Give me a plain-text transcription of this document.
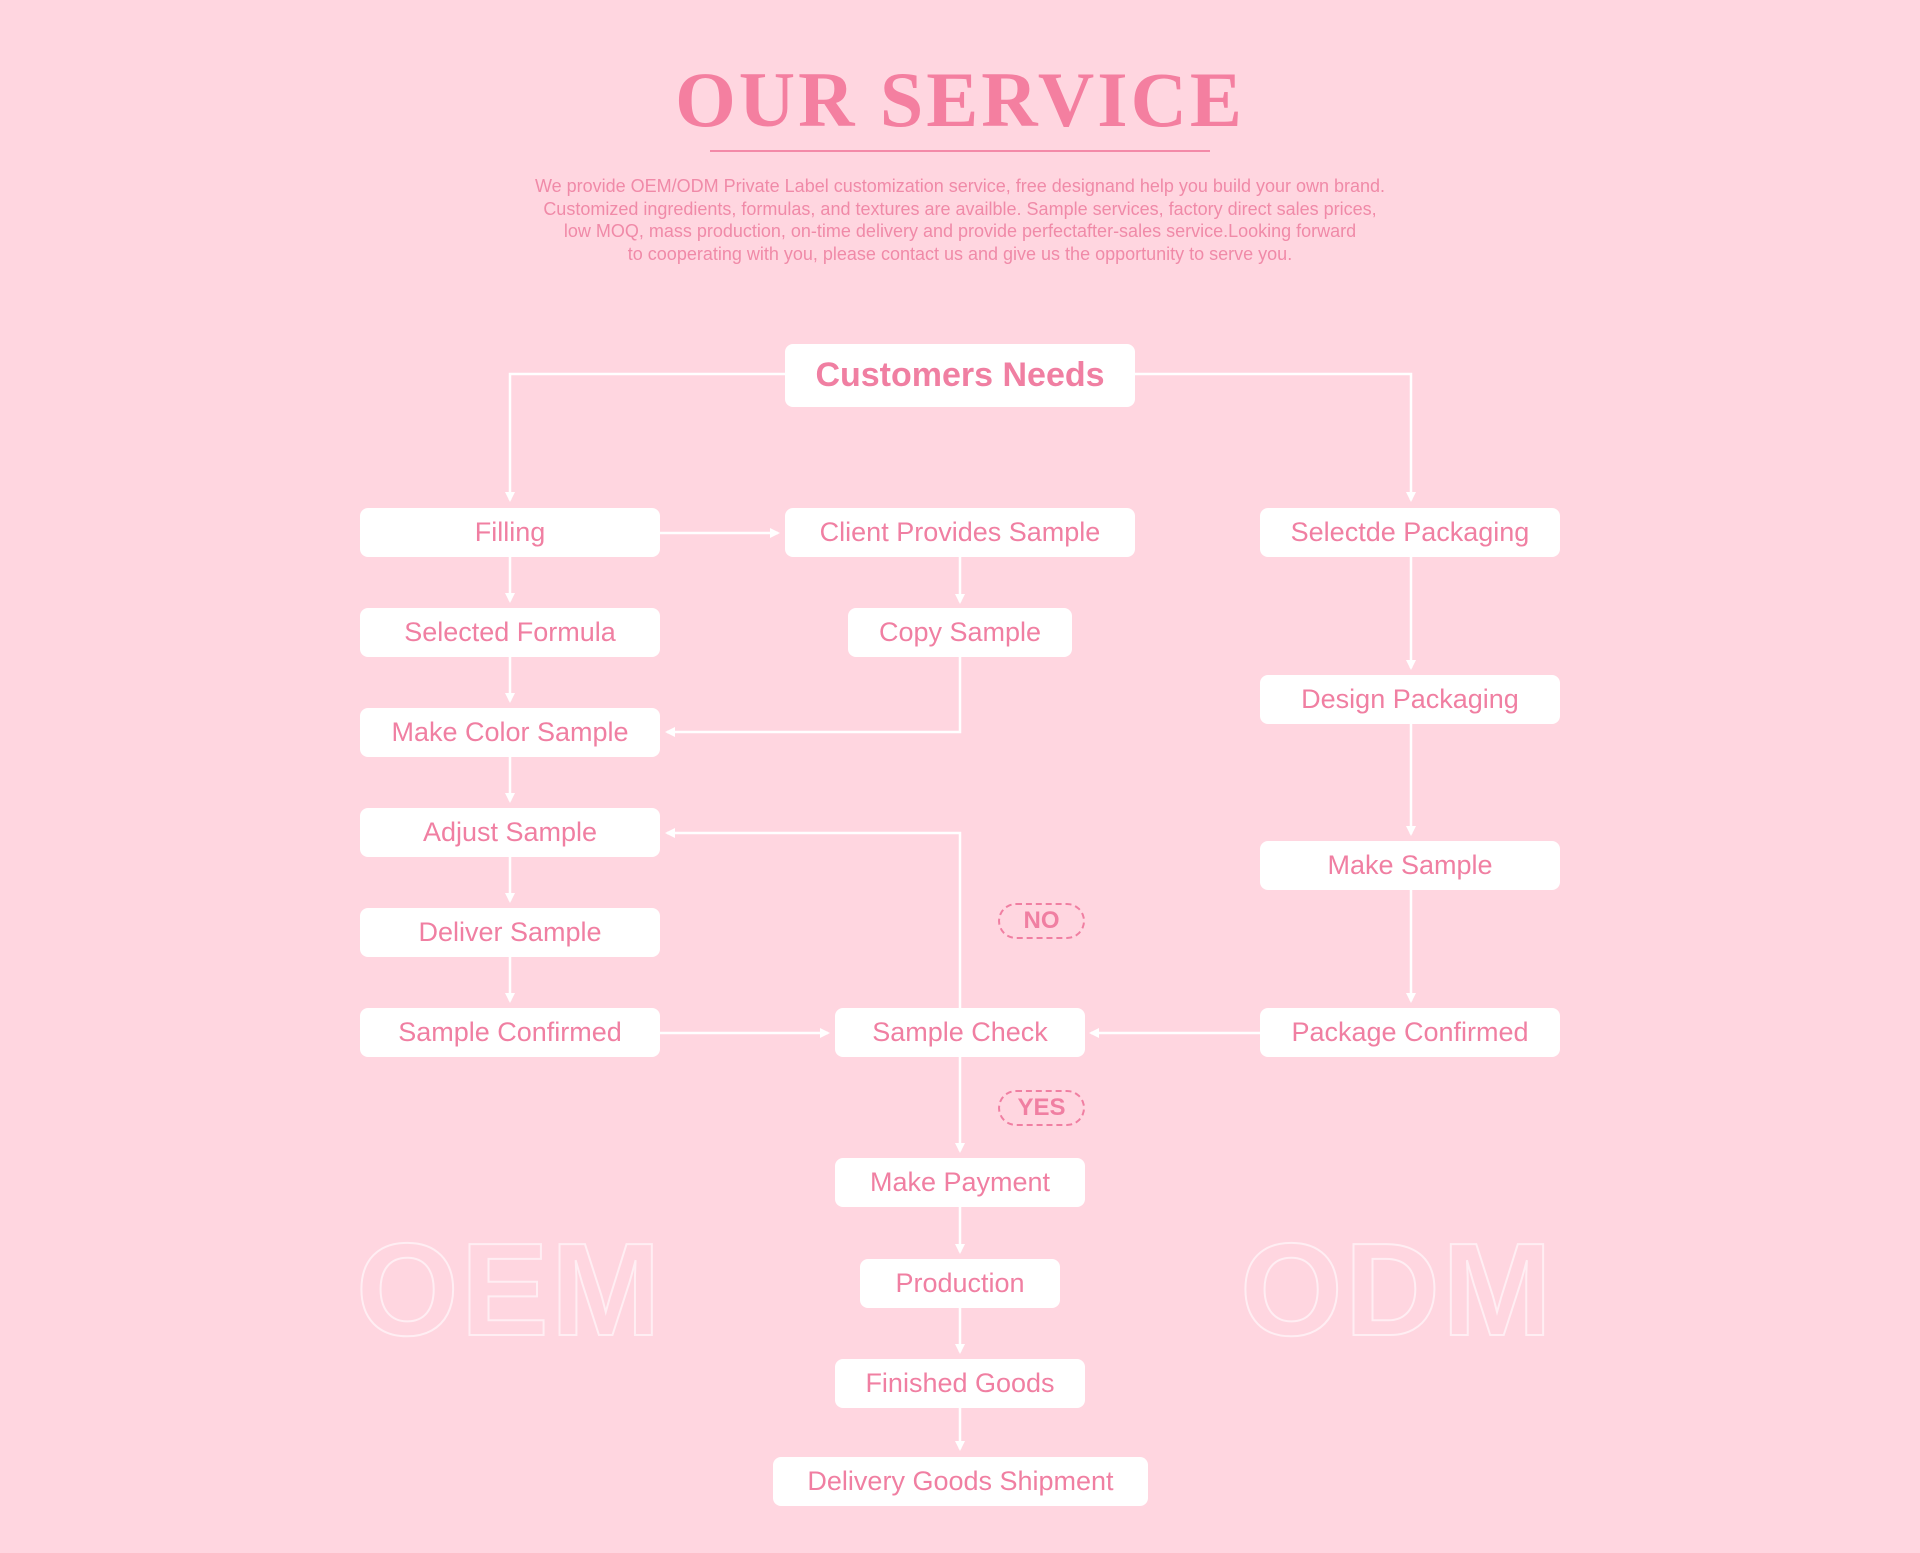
OUR SERVICE
We provide OEM/ODM Private Label customization service, free designand help you build your own brand.
Customized ingredients, formulas, and textures are availble. Sample services, factory direct sales prices,
low MOQ, mass production, on-time delivery and provide perfectafter-sales service.Looking forward
to cooperating with you, please contact us and give us the opportunity to serve you.
OEM	ODM
Customers Needs
Filling
Selected Formula
Make Color Sample
Adjust Sample
Deliver Sample
Sample Confirmed
Client Provides Sample
Copy Sample
Selectde Packaging
Design Packaging
Make Sample
Package Confirmed
Sample Check
Make Payment
Production
Finished Goods
Delivery Goods Shipment
NO
YES
